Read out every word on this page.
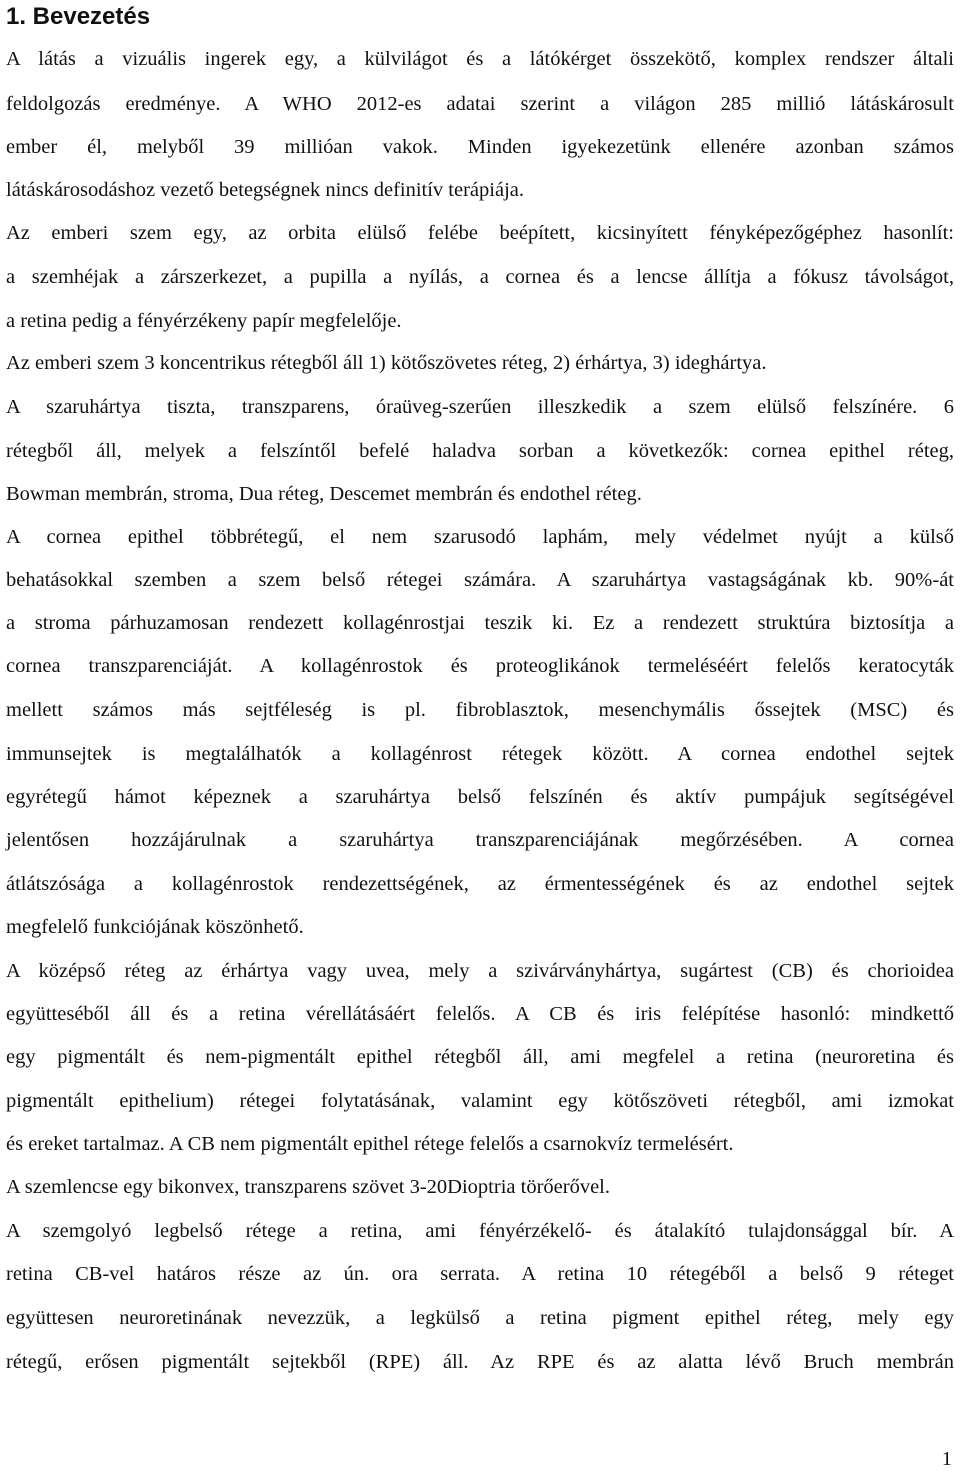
1. Bevezetés

A látás a vizuális ingerek egy, a külvilágot és a látókérget összekötő, komplex rendszer általi

feldolgozás eredménye. A WHO 2012-es adatai szerint a világon 285 millió látáskárosult

ember él, melyből 39 millióan vakok. Minden igyekezetünk ellenére azonban számos

látáskárosodáshoz vezető betegségnek nincs definitív terápiája.

Az emberi szem egy, az orbita elülső felébe beépített, kicsinyített fényképezőgéphez hasonlít:

a szemhéjak a zárszerkezet, a pupilla a nyílás, a cornea és a lencse állítja a fókusz távolságot,

a retina pedig a fényérzékeny papír megfelelője.

Az emberi szem 3 koncentrikus rétegből áll 1) kötőszövetes réteg, 2) érhártya, 3) ideghártya.

A szaruhártya tiszta, transzparens, óraüveg-szerűen illeszkedik a szem elülső felszínére. 6

rétegből áll, melyek a felszíntől befelé haladva sorban a következők: cornea epithel réteg,

Bowman membrán, stroma, Dua réteg, Descemet membrán és endothel réteg.

A cornea epithel többrétegű, el nem szarusodó laphám, mely védelmet nyújt a külső

behatásokkal szemben a szem belső rétegei számára. A szaruhártya vastagságának kb. 90%-át

a stroma párhuzamosan rendezett kollagénrostjai teszik ki. Ez a rendezett struktúra biztosítja a

cornea transzparenciáját. A kollagénrostok és proteoglikánok termeléséért felelős keratocyták

mellett számos más sejtféleség is pl. fibroblasztok, mesenchymális őssejtek (MSC) és

immunsejtek is megtalálhatók a kollagénrost rétegek között. A cornea endothel sejtek

egyrétegű hámot képeznek a szaruhártya belső felszínén és aktív pumpájuk segítségével

jelentősen hozzájárulnak a szaruhártya transzparenciájának megőrzésében. A cornea

átlátszósága a kollagénrostok rendezettségének, az érmentességének és az endothel sejtek

megfelelő funkciójának köszönhető.

A középső réteg az érhártya vagy uvea, mely a szivárványhártya, sugártest (CB) és chorioidea

együtteséből áll és a retina vérellátásáért felelős. A CB és iris felépítése hasonló: mindkettő

egy pigmentált és nem-pigmentált epithel rétegből áll, ami megfelel a retina (neuroretina és

pigmentált epithelium) rétegei folytatásának, valamint egy kötőszöveti rétegből, ami izmokat

és ereket tartalmaz. A CB nem pigmentált epithel rétege felelős a csarnokvíz termelésért.

A szemlencse egy bikonvex, transzparens szövet 3-20Dioptria törőerővel.

A szemgolyó legbelső rétege a retina, ami fényérzékelő- és átalakító tulajdonsággal bír. A

retina CB-vel határos része az ún. ora serrata. A retina 10 rétegéből a belső 9 réteget

együttesen neuroretinának nevezzük, a legkülső a retina pigment epithel réteg, mely egy

rétegű, erősen pigmentált sejtekből (RPE) áll. Az RPE és az alatta lévő Bruch membrán

1
